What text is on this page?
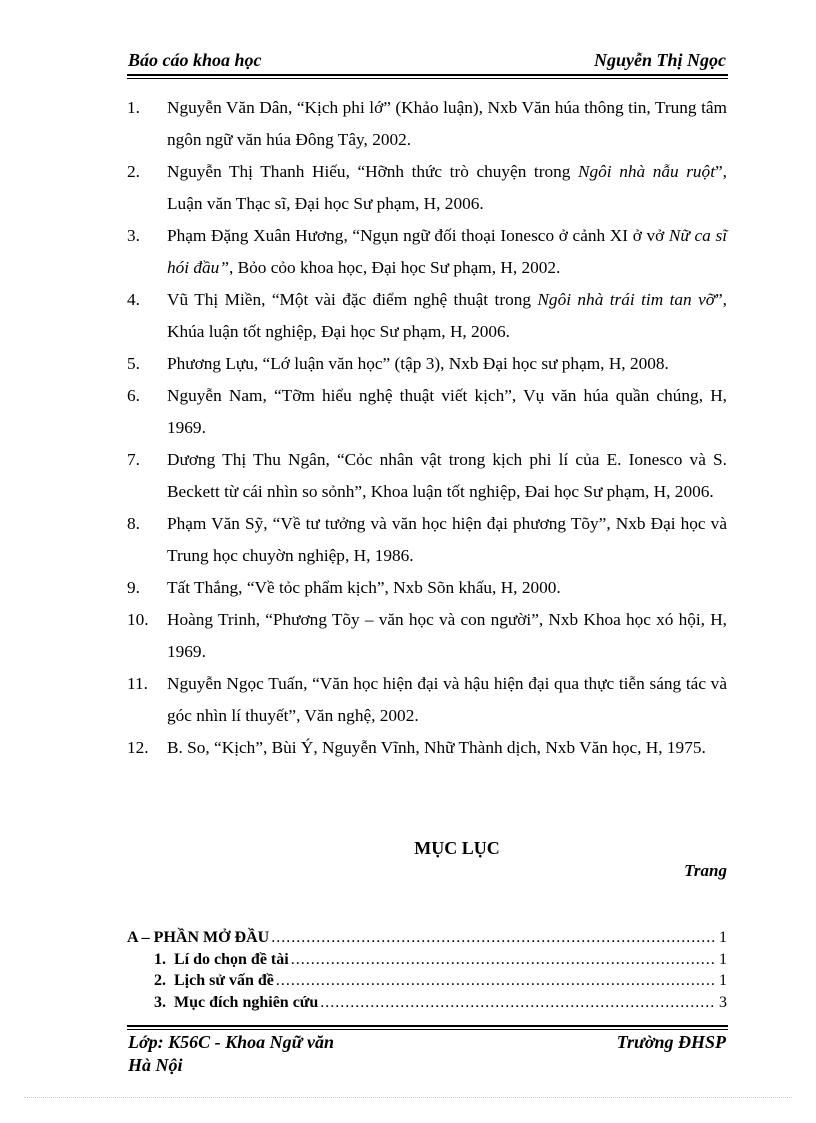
Báo cáo khoa học	Nguyễn Thị Ngọc
1. Nguyễn Văn Dân, “Kịch phi lớ” (Khảo luận), Nxb Văn húa thông tin, Trung tâm ngôn ngữ văn húa Đông Tây, 2002.
2. Nguyễn Thị Thanh Hiếu, “Hỡnh thức trò chuyện trong Ngôi nhà nẫu ruột”, Luận văn Thạc sĩ, Đại học Sư phạm, H, 2006.
3. Phạm Đặng Xuân Hương, “Ngụn ngữ đối thoại Ionesco ở cảnh XI ở vở Nữ ca sĩ hói đầu”, Bỏo cỏo khoa học, Đại học Sư phạm, H, 2002.
4. Vũ Thị Miền, “Một vài đặc điểm nghệ thuật trong Ngôi nhà trái tim tan vỡ”, Khúa luận tốt nghiệp, Đại học Sư phạm, H, 2006.
5. Phương Lựu, “Lớ luận văn học” (tập 3), Nxb Đại học sư phạm, H, 2008.
6. Nguyễn Nam, “Tỡm hiểu nghệ thuật viết kịch”, Vụ văn húa quần chúng, H, 1969.
7. Dương Thị Thu Ngân, “Cỏc nhân vật trong kịch phi lí của E. Ionesco và S. Beckett từ cái nhìn so sỏnh”, Khoa luận tốt nghiệp, Đai học Sư phạm, H, 2006.
8. Phạm Văn Sỹ, “Về tư tưởng và văn học hiện đại phương Tõy”, Nxb Đại học và Trung học chuyờn nghiệp, H, 1986.
9. Tất Thắng, “Về tỏc phẩm kịch”, Nxb Sõn khấu, H, 2000.
10. Hoàng Trinh, “Phương Tõy – văn học và con người”, Nxb Khoa học xó hội, H, 1969.
11. Nguyễn Ngọc Tuấn, “Văn học hiện đại và hậu hiện đại qua thực tiễn sáng tác và góc nhìn lí thuyết”, Văn nghệ, 2002.
12. B. So, “Kịch”, Bùi Ý, Nguyễn Vĩnh, Nhữ Thành dịch, Nxb Văn học, H, 1975.
MỤC LỤC
Trang
A – PHẦN MỞ ĐẦU .....	1
1. Lí do chọn đề tài .....	1
2. Lịch sử vấn đề .....	1
3. Mục đích nghiên cứu .....	3
Lớp: K56C - Khoa Ngữ văn	Trường ĐHSP
Hà Nội
